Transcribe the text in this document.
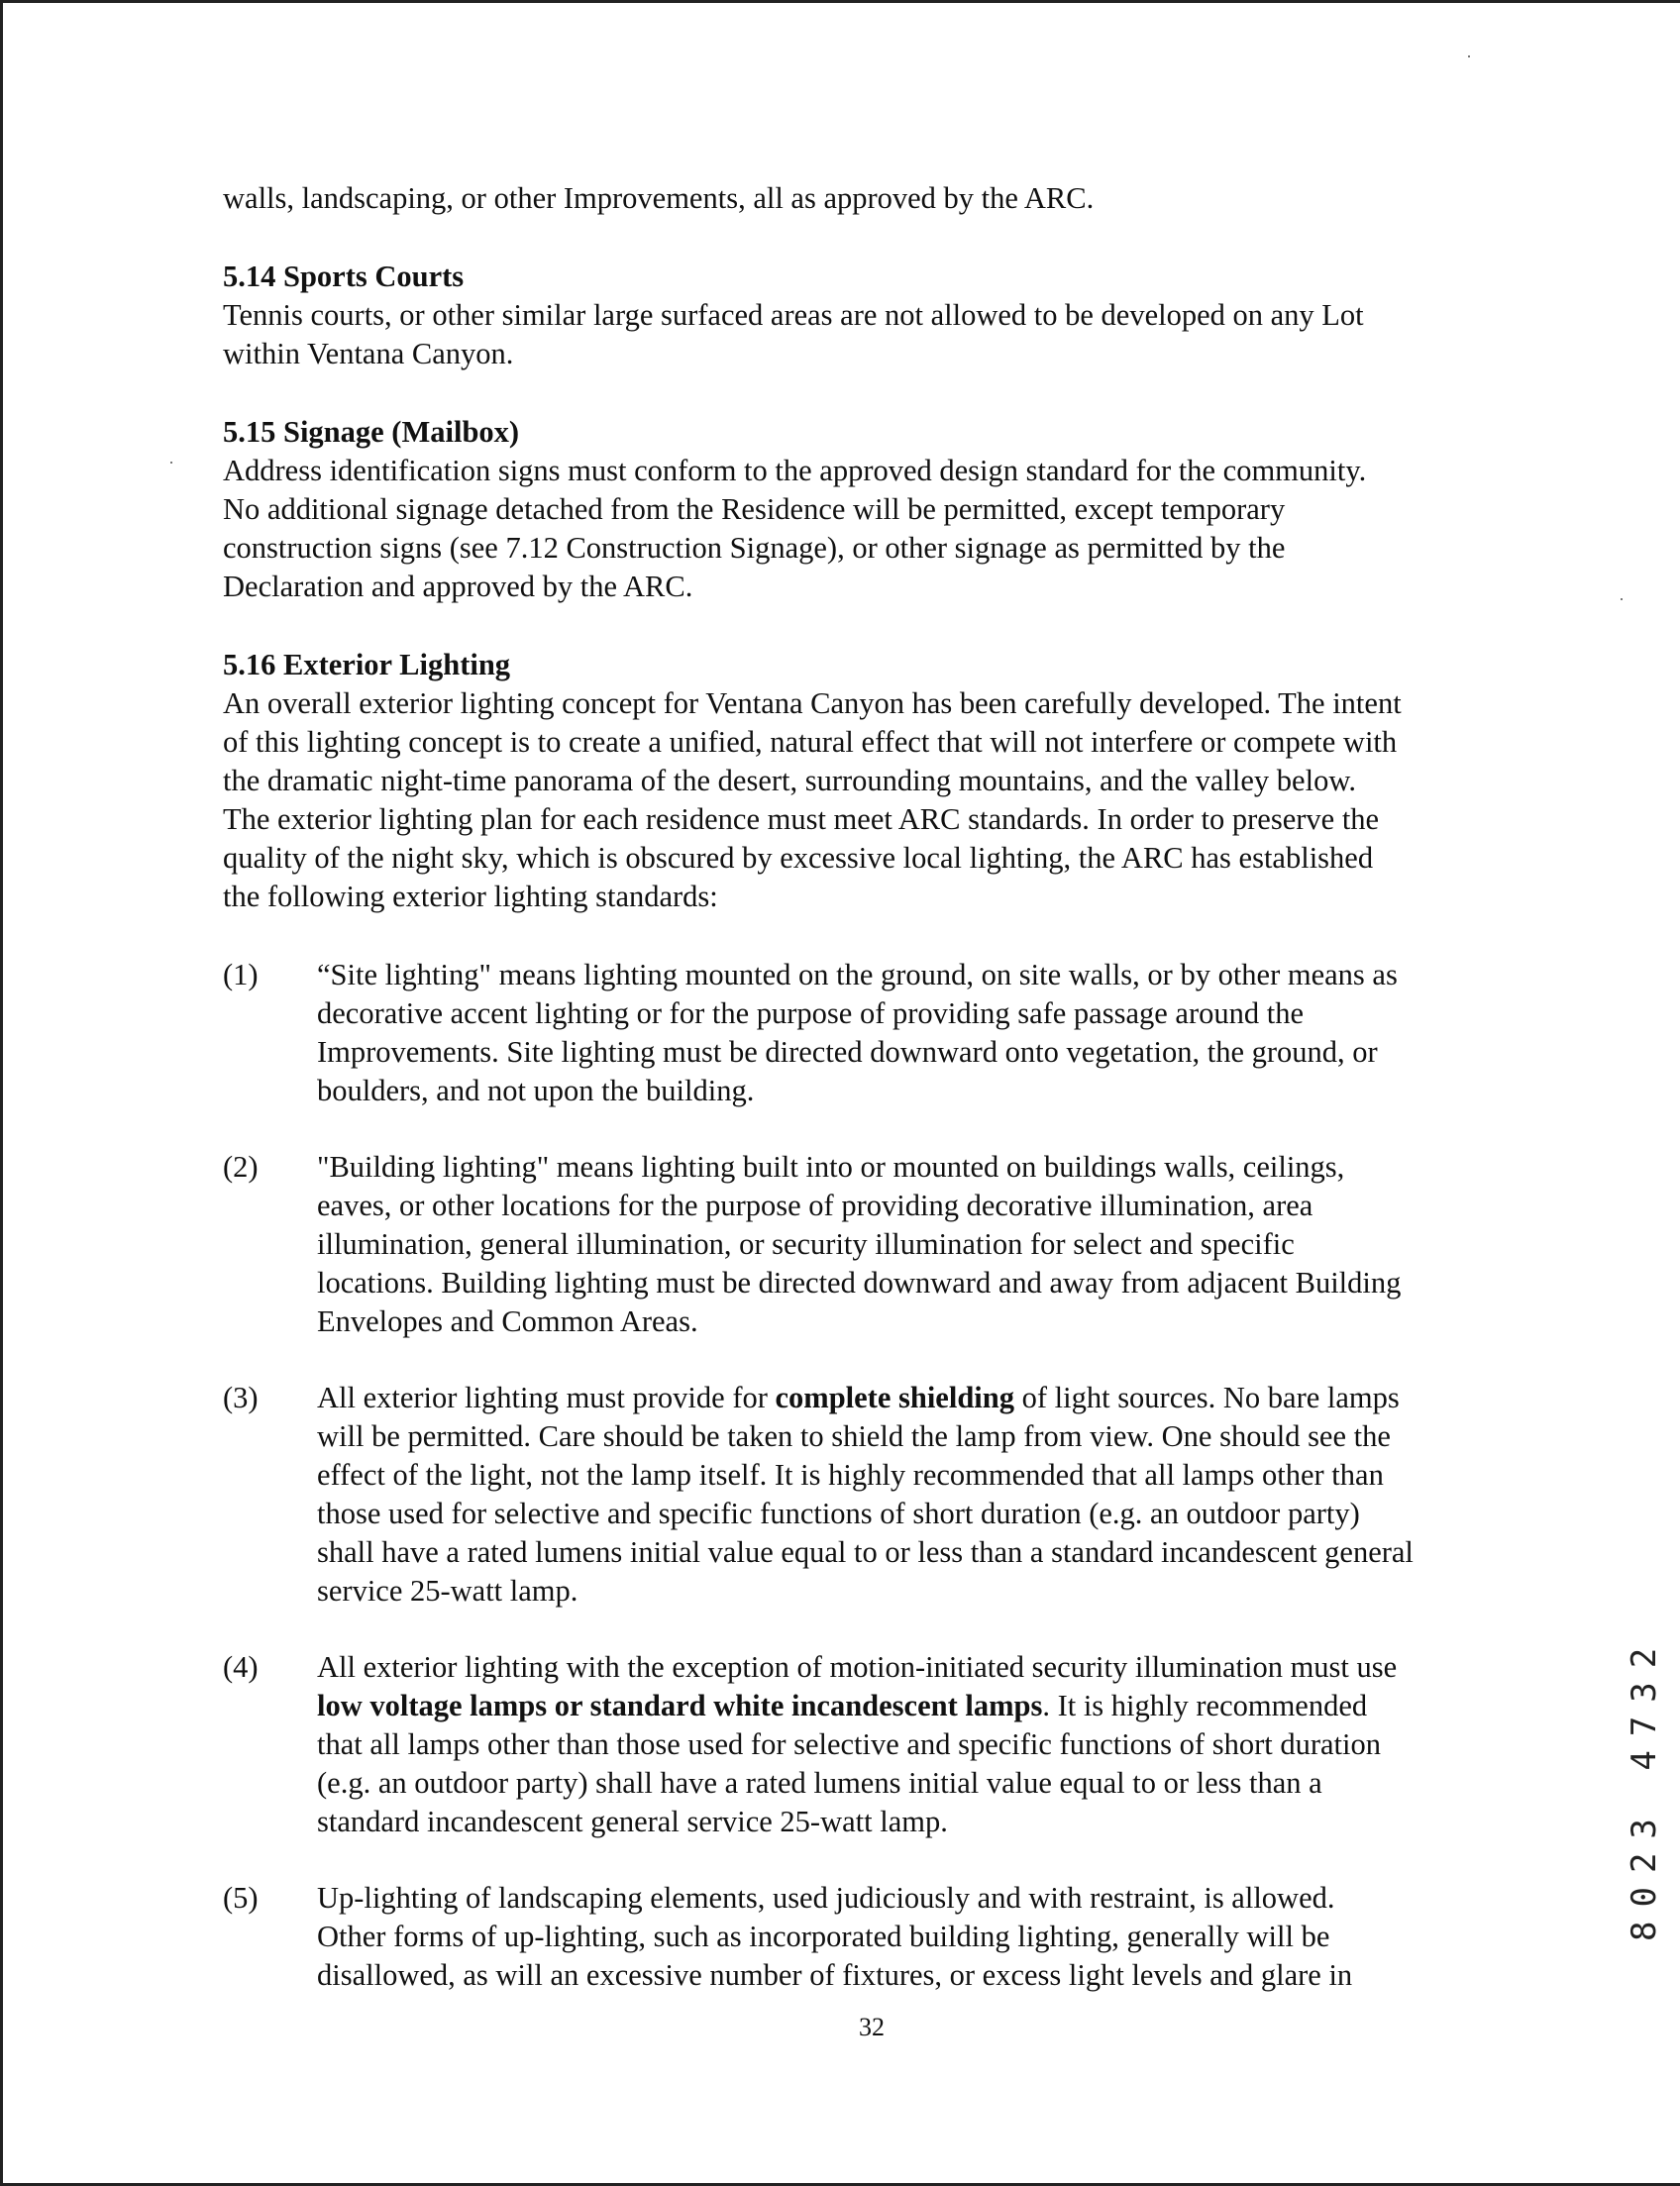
walls, landscaping, or other Improvements, all as approved by the ARC.

5.14 Sports Courts
Tennis courts, or other similar large surfaced areas are not allowed to be developed on any Lot
within Ventana Canyon.
5.15 Signage (Mailbox)
Address identification signs must conform to the approved design standard for the community.
No additional signage detached from the Residence will be permitted, except temporary
construction signs (see 7.12 Construction Signage), or other signage as permitted by the
Declaration and approved by the ARC.
5.16 Exterior Lighting
An overall exterior lighting concept for Ventana Canyon has been carefully developed. The intent
of this lighting concept is to create a unified, natural effect that will not interfere or compete with
the dramatic night-time panorama of the desert, surrounding mountains, and the valley below.
The exterior lighting plan for each residence must meet ARC standards. In order to preserve the
quality of the night sky, which is obscured by excessive local lighting, the ARC has established
the following exterior lighting standards:
(1) “Site lighting" means lighting mounted on the ground, on site walls, or by other means as
decorative accent lighting or for the purpose of providing safe passage around the
Improvements. Site lighting must be directed downward onto vegetation, the ground, or
boulders, and not upon the building.
(2) "Building lighting" means lighting built into or mounted on buildings walls, ceilings,
eaves, or other locations for the purpose of providing decorative illumination, area
illumination, general illumination, or security illumination for select and specific
locations. Building lighting must be directed downward and away from adjacent Building
Envelopes and Common Areas.
(3) All exterior lighting must provide for complete shielding of light sources. No bare lamps
will be permitted. Care should be taken to shield the lamp from view. One should see the
effect of the light, not the lamp itself. It is highly recommended that all lamps other than
those used for selective and specific functions of short duration (e.g. an outdoor party)
shall have a rated lumens initial value equal to or less than a standard incandescent general
service 25-watt lamp.
(4) All exterior lighting with the exception of motion-initiated security illumination must use
low voltage lamps or standard white incandescent lamps. It is highly recommended
that all lamps other than those used for selective and specific functions of short duration
(e.g. an outdoor party) shall have a rated lumens initial value equal to or less than a
standard incandescent general service 25-watt lamp.
(5) Up-lighting of landscaping elements, used judiciously and with restraint, is allowed.
Other forms of up-lighting, such as incorporated building lighting, generally will be
disallowed, as will an excessive number of fixtures, or excess light levels and glare in
32
8023 4732
